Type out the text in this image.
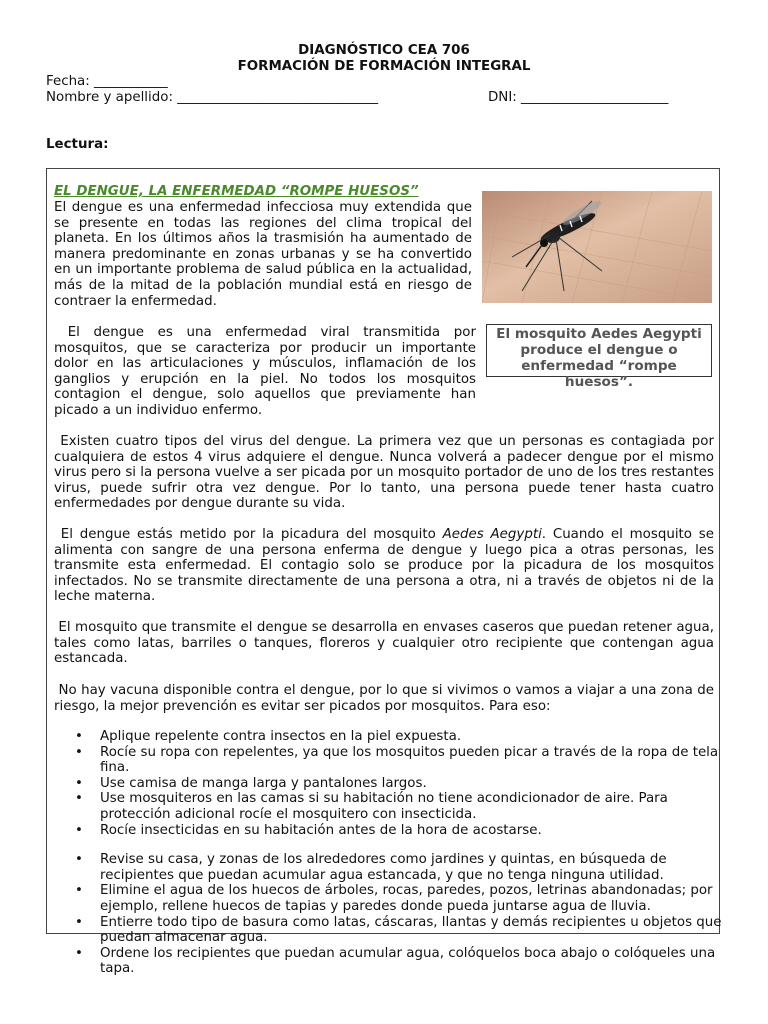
DIAGNÓSTICO CEA 706
FORMACIÓN DE FORMACIÓN INTEGRAL
Fecha: ___________
Nombre y apellido: ______________________________	DNI: ______________________
Lectura:
EL DENGUE, LA ENFERMEDAD “ROMPE HUESOS”
El dengue es una enfermedad infecciosa muy extendida que se presente en todas las regiones del clima tropical del planeta. En los últimos años la trasmisión ha aumentado de manera predominante en zonas urbanas y se ha convertido en un importante problema de salud pública en la actualidad, más de la mitad de la población mundial está en riesgo de contraer la enfermedad.
El dengue es una enfermedad viral transmitida por mosquitos, que se caracteriza por producir un importante dolor en las articulaciones y músculos, inflamación de los ganglios y erupción en la piel. No todos los mosquitos contagion el dengue, solo aquellos que previamente han picado a un individuo enfermo.
El mosquito Aedes Aegypti produce el dengue o enfermedad “rompe huesos”.
Existen cuatro tipos del virus del dengue. La primera vez que un personas es contagiada por cualquiera de estos 4 virus adquiere el dengue. Nunca volverá a padecer dengue por el mismo virus pero si la persona vuelve a ser picada por un mosquito portador de uno de los tres restantes virus, puede sufrir otra vez dengue. Por lo tanto, una persona puede tener hasta cuatro enfermedades por dengue durante su vida.
El dengue estás metido por la picadura del mosquito Aedes Aegypti. Cuando el mosquito se alimenta con sangre de una persona enferma de dengue y luego pica a otras personas, les transmite esta enfermedad. El contagio solo se produce por la picadura de los mosquitos infectados. No se transmite directamente de una persona a otra, ni a través de objetos ni de la leche materna.
El mosquito que transmite el dengue se desarrolla en envases caseros que puedan retener agua, tales como latas, barriles o tanques, floreros y cualquier otro recipiente que contengan agua estancada.
No hay vacuna disponible contra el dengue, por lo que si vivimos o vamos a viajar a una zona de riesgo, la mejor prevención es evitar ser picados por mosquitos. Para eso:
• Aplique repelente contra insectos en la piel expuesta.
• Rocíe su ropa con repelentes, ya que los mosquitos pueden picar a través de la ropa de tela fina.
• Use camisa de manga larga y pantalones largos.
• Use mosquiteros en las camas si su habitación no tiene acondicionador de aire. Para protección adicional rocíe el mosquitero con insecticida.
• Rocíe insecticidas en su habitación antes de la hora de acostarse.
• Revise su casa, y zonas de los alrededores como jardines y quintas, en búsqueda de recipientes que puedan acumular agua estancada, y que no tenga ninguna utilidad.
• Elimine el agua de los huecos de árboles, rocas, paredes, pozos, letrinas abandonadas; por ejemplo, rellene huecos de tapias y paredes donde pueda juntarse agua de lluvia.
• Entierre todo tipo de basura como latas, cáscaras, llantas y demás recipientes u objetos que puedan almacenar agua.
• Ordene los recipientes que puedan acumular agua, colóquelos boca abajo o colóqueles una tapa.
